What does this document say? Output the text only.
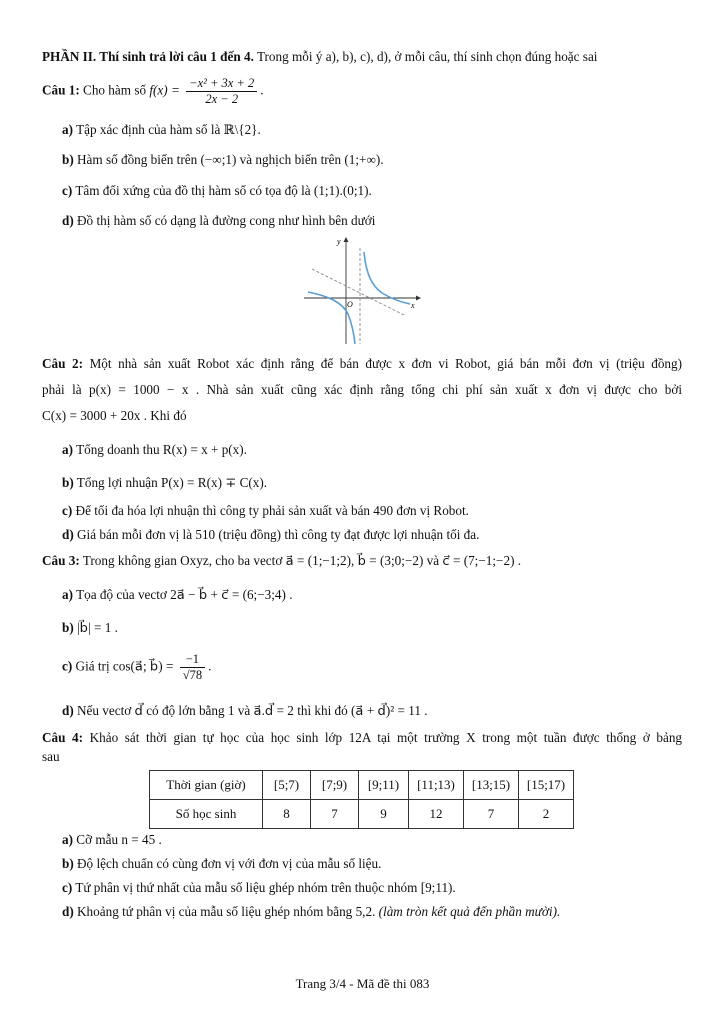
PHẦN II. Thí sinh trả lời câu 1 đến 4. Trong mỗi ý a), b), c), d), ở mỗi câu, thí sinh chọn đúng hoặc sai
Câu 1: Cho hàm số $f(x) = \frac{\text{−x² + 3x + 2}}{2x - 2}$ .
a) Tập xác định của hàm số là ℝ\{2}.
b) Hàm số đồng biến trên (−∞;1) và nghịch biến trên (1;+∞).
c) Tâm đối xứng của đồ thị hàm số có tọa độ là (1;1).(0;1).
d) Đồ thị hàm số có dạng là đường cong như hình bên dưới
y
x
O
Câu 2: Một nhà sản xuất Robot xác định rằng để bán được x đơn vi Robot, giá bán mỗi đơn vị (triệu đồng)
phải là p(x) = 1000 − x . Nhà sản xuất cũng xác định rằng tổng chi phí sản xuất x đơn vị được cho bởi
C(x) = 3000 + 20x . Khi đó
a) Tổng doanh thu R(x) = x + p(x).
b) Tổng lợi nhuận P(x) = R(x) ∓ C(x).
c) Để tối đa hóa lợi nhuận thì công ty phải sản xuất và bán 490 đơn vị Robot.
d) Giá bán mỗi đơn vị là 510 (triệu đồng) thì công ty đạt được lợi nhuận tối đa.
Câu 3: Trong không gian Oxyz, cho ba vectơ a⃗ = (1;−1;2), b⃗ = (3;0;−2) và c⃗ = (7;−1;−2) .
a) Tọa độ của vectơ 2a⃗ − b⃗ + c⃗ = (6;−3;4) .
b) |b⃗| = 1 .
c) Giá trị cos(a⃗; b⃗) = $\frac{-1}{√78}$ .
d) Nếu vectơ d⃗ có độ lớn bằng 1 và a⃗.d⃗ = 2 thì khi đó (a⃗ + d⃗)² = 11 .
Câu 4: Khảo sát thời gian tự học của học sinh lớp 12A tại một trường X trong một tuần được thống ở bảng
sau
Thời gian (giờ)	[5;7)	[7;9)	[9;11)	[11;13)	[13;15)	[15;17)
Số học sinh	8	7	9	12	7	2
a) Cỡ mẫu n = 45 .
b) Độ lệch chuẩn có cùng đơn vị với đơn vị của mẫu số liệu.
c) Tứ phân vị thứ nhất của mẫu số liệu ghép nhóm trên thuộc nhóm [9;11).
d) Khoảng tứ phân vị của mẫu số liệu ghép nhóm bằng 5,2. (làm tròn kết quả đến phần mười).
Trang 3/4 - Mã đề thi 083
